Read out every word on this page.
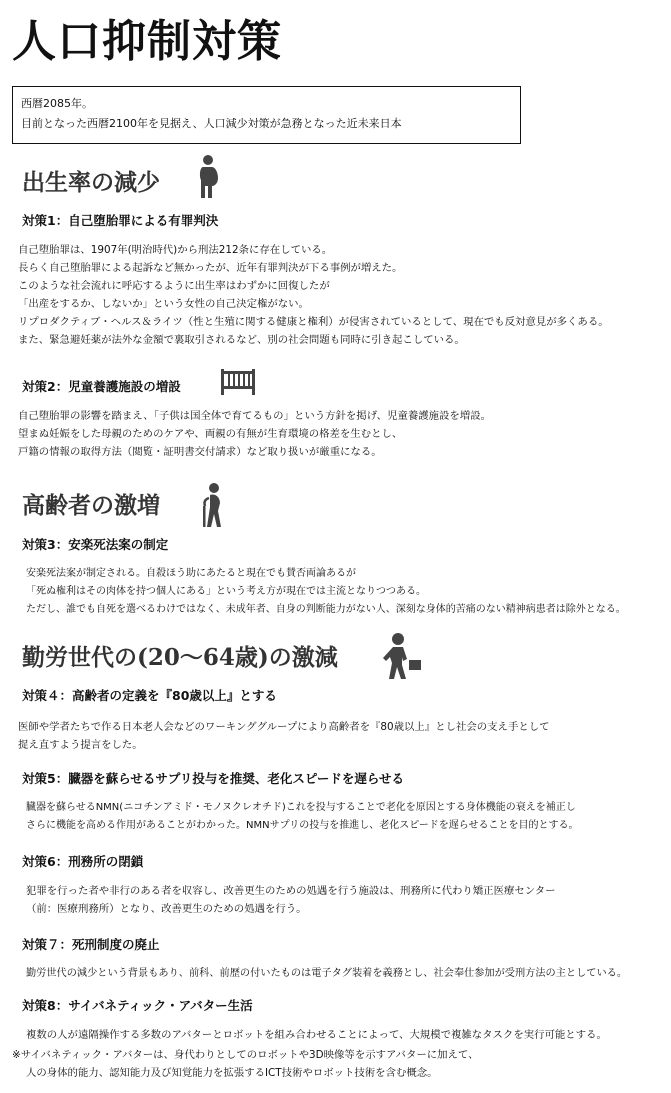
人口抑制対策
西暦2085年。
目前となった西暦2100年を見据え、人口減少対策が急務となった近未来日本
出生率の減少
対策1：自己堕胎罪による有罪判決
自己堕胎罪は、1907年(明治時代)から刑法212条に存在している。
長らく自己堕胎罪による起訴など無かったが、近年有罪判決が下る事例が増えた。
このような社会流れに呼応するように出生率はわずかに回復したが
「出産をするか、しないか」という女性の自己決定権がない。
リプロダクティブ・ヘルス＆ライツ（性と生殖に関する健康と権利）が侵害されているとして、現在でも反対意見が多くある。
また、緊急避妊薬が法外な金額で裏取引されるなど、別の社会問題も同時に引き起こしている。
対策2：児童養護施設の増設
自己堕胎罪の影響を踏まえ、「子供は国全体で育てるもの」という方針を掲げ、児童養護施設を増設。
望まぬ妊娠をした母親のためのケアや、両親の有無が生育環境の格差を生むとし、
戸籍の情報の取得方法（閲覧・証明書交付請求）など取り扱いが厳重になる。
高齢者の激増
対策3：安楽死法案の制定
安楽死法案が制定される。自殺ほう助にあたると現在でも賛否両論あるが
「死ぬ権利はその肉体を持つ個人にある」という考え方が現在では主流となりつつある。
ただし、誰でも自死を選べるわけではなく、未成年者、自身の判断能力がない人、深刻な身体的苦痛のない精神病患者は除外となる。
勤労世代の(20～64歳)の激減
対策４：高齢者の定義を『80歳以上』とする
医師や学者たちで作る日本老人会などのワーキンググループにより高齢者を『80歳以上』とし社会の支え手として
捉え直すよう提言をした。
対策5：臓器を蘇らせるサプリ投与を推奨、老化スピードを遅らせる
臓器を蘇らせるNMN(ニコチンアミド・モノヌクレオチド)これを投与することで老化を原因とする身体機能の衰えを補正し
さらに機能を高める作用があることがわかった。NMNサプリの投与を推進し、老化スピードを遅らせることを目的とする。
対策6：刑務所の閉鎖
犯罪を行った者や非行のある者を収容し、改善更生のための処遇を行う施設は、刑務所に代わり矯正医療センター
（前：医療刑務所）となり、改善更生のための処遇を行う。
対策７：死刑制度の廃止
勤労世代の減少という背景もあり、前科、前歴の付いたものは電子タグ装着を義務とし、社会奉仕参加が受刑方法の主としている。
対策8：サイバネティック・アバター生活
複数の人が遠隔操作する多数のアバターとロボットを組み合わせることによって、大規模で複雑なタスクを実行可能とする。
※サイバネティック・アバターは、身代わりとしてのロボットや3D映像等を示すアバターに加えて、
人の身体的能力、認知能力及び知覚能力を拡張するICT技術やロボット技術を含む概念。
